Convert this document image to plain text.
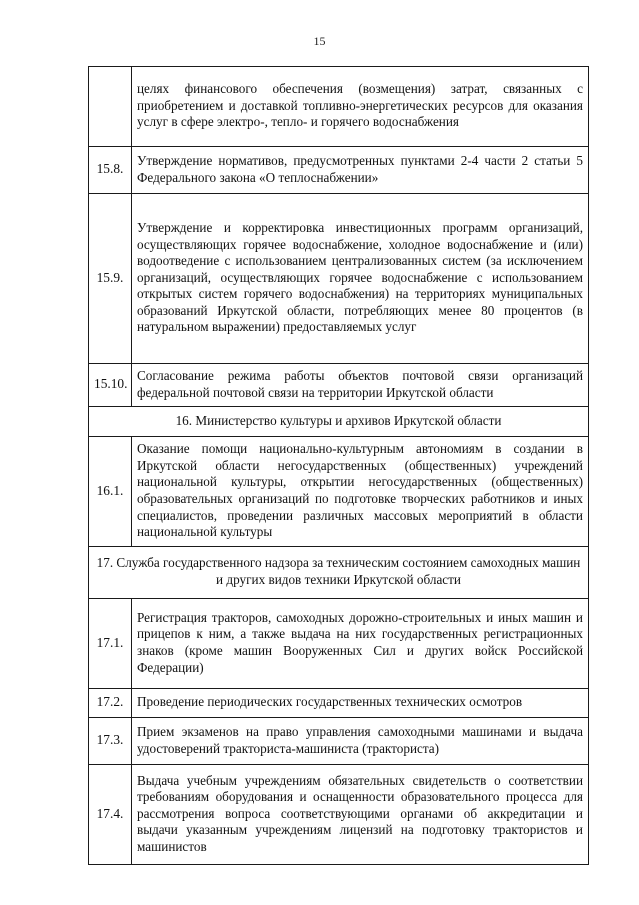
15
	целях финансового обеспечения (возмещения) затрат, связанных с приобретением и доставкой топливно-энергетических ресурсов для оказания услуг в сфере электро-, тепло- и горячего водоснабжения
15.8.	Утверждение нормативов, предусмотренных пунктами 2-4 части 2 статьи 5 Федерального закона «О теплоснабжении»
15.9.	Утверждение и корректировка инвестиционных программ организаций, осуществляющих горячее водоснабжение, холодное водоснабжение и (или) водоотведение с использованием централизованных систем (за исключением организаций, осуществляющих горячее водоснабжение с использованием открытых систем горячего водоснабжения) на территориях муниципальных образований Иркутской области, потребляющих менее 80 процентов (в натуральном выражении) предоставляемых услуг
15.10.	Согласование режима работы объектов почтовой связи организаций федеральной почтовой связи на территории Иркутской области
16. Министерство культуры и архивов Иркутской области	
16.1.	Оказание помощи национально-культурным автономиям в создании в Иркутской области негосударственных (общественных) учреждений национальной культуры, открытии негосударственных (общественных) образовательных организаций по подготовке творческих работников и иных специалистов, проведении различных массовых мероприятий в области национальной культуры
17. Служба государственного надзора за техническим состоянием самоходных машин и других видов техники Иркутской области	
17.1.	Регистрация тракторов, самоходных дорожно-строительных и иных машин и прицепов к ним, а также выдача на них государственных регистрационных знаков (кроме машин Вооруженных Сил и других войск Российской Федерации)
17.2.	Проведение периодических государственных технических осмотров
17.3.	Прием экзаменов на право управления самоходными машинами и выдача удостоверений тракториста-машиниста (тракториста)
17.4.	Выдача учебным учреждениям обязательных свидетельств о соответствии требованиям оборудования и оснащенности образовательного процесса для рассмотрения вопроса соответствующими органами об аккредитации и выдачи указанным учреждениям лицензий на подготовку трактористов и машинистов
